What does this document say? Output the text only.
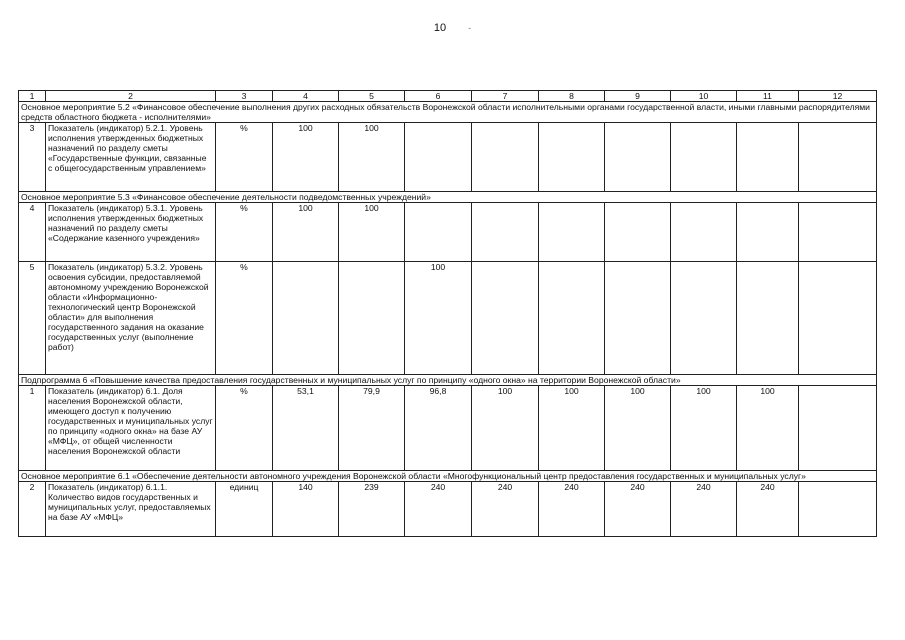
10 -
1	2	3	4	5	6	7	8	9	10	11	12
Основное мероприятие 5.2 «Финансовое обеспечение выполнения других расходных обязательств Воронежской области исполнительными органами государственной власти, иными главными распорядителями средств областного бюджета - исполнителями»											
3	Показатель (индикатор) 5.2.1. Уровень исполнения утвержденных бюджетных назначений по разделу сметы «Государственные функции, связанные с общегосударственным управлением»	%	100	100							
Основное мероприятие 5.3 «Финансовое обеспечение деятельности подведомственных учреждений»											
4	Показатель (индикатор) 5.3.1. Уровень исполнения утвержденных бюджетных назначений по разделу сметы «Содержание казенного учреждения»	%	100	100							
5	Показатель (индикатор) 5.3.2. Уровень освоения субсидии, предоставляемой автономному учреждению Воронежской области «Информационно-технологический центр Воронежской области» для выполнения государственного задания на оказание государственных услуг (выполнение работ)	%			100						
Подпрограмма 6 «Повышение качества предоставления государственных и муниципальных услуг по принципу «одного окна» на территории Воронежской области»											
1	Показатель (индикатор) 6.1. Доля населения Воронежской области, имеющего доступ к получению государственных и муниципальных услуг по принципу «одного окна» на базе АУ «МФЦ», от общей численности населения Воронежской области	%	53,1	79,9	96,8	100	100	100	100	100	
Основное мероприятие 6.1 «Обеспечение деятельности автономного учреждения Воронежской области «Многофункциональный центр предоставления государственных и муниципальных услуг»											
2	Показатель (индикатор) 6.1.1. Количество видов государственных и муниципальных услуг, предоставляемых на базе АУ «МФЦ»	единиц	140	239	240	240	240	240	240	240	
